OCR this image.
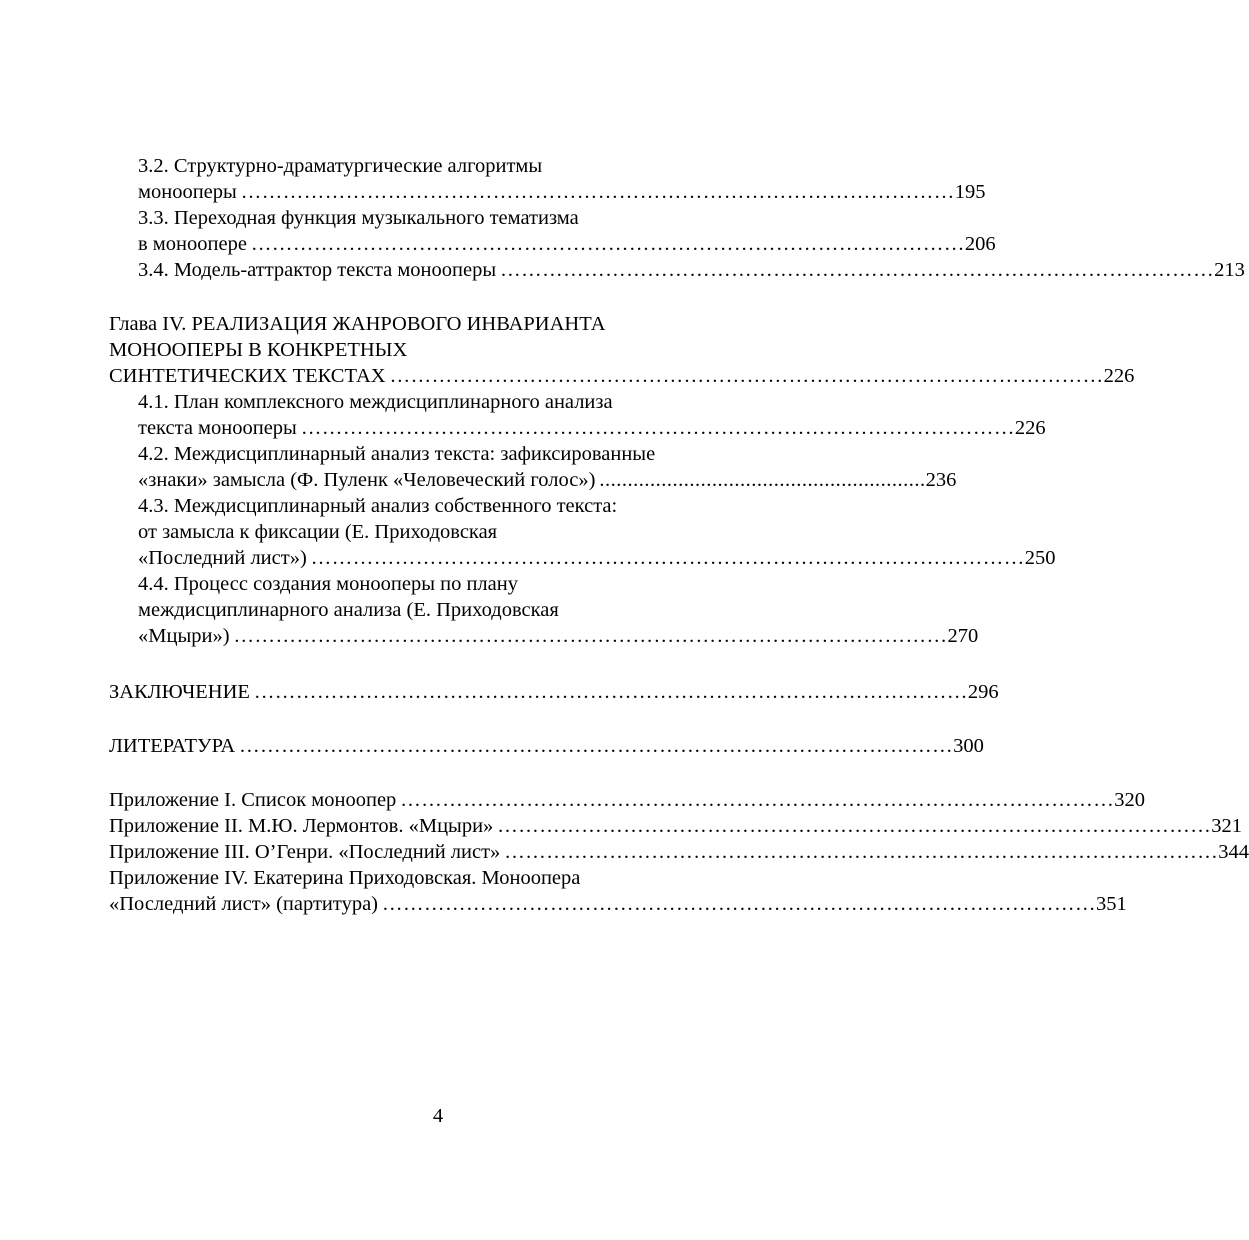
3.2. Структурно-драматургические алгоритмы
монооперы ………………………………………………………………………………………… 195
3.3. Переходная функция музыкального тематизма
в моноопере ………………………………………………………………………………………… 206
3.4. Модель-аттрактор текста монооперы ………………………………………………………………………………………… 213
Глава IV. РЕАЛИЗАЦИЯ ЖАНРОВОГО ИНВАРИАНТА
МОНООПЕРЫ В КОНКРЕТНЫХ
СИНТЕТИЧЕСКИХ ТЕКСТАХ ………………………………………………………………………………………… 226
4.1. План комплексного междисциплинарного анализа
текста монооперы ………………………………………………………………………………………… 226
4.2. Междисциплинарный анализ текста: зафиксированные
«знаки» замысла (Ф. Пуленк «Человеческий голос») .......................................................... 236
4.3. Междисциплинарный анализ собственного текста:
от замысла к фиксации (Е. Приходовская
«Последний лист») ………………………………………………………………………………………… 250
4.4. Процесс создания монооперы по плану
междисциплинарного анализа (Е. Приходовская
«Мцыри») ………………………………………………………………………………………… 270
ЗАКЛЮЧЕНИЕ ………………………………………………………………………………………… 296
ЛИТЕРАТУРА ………………………………………………………………………………………… 300
Приложение I. Список моноопер ………………………………………………………………………………………… 320
Приложение II. М.Ю. Лермонтов. «Мцыри» ………………………………………………………………………………………… 321
Приложение III. О’Генри. «Последний лист» ………………………………………………………………………………………… 344
Приложение IV. Екатерина Приходовская. Моноопера
«Последний лист» (партитура) ………………………………………………………………………………………… 351
4
